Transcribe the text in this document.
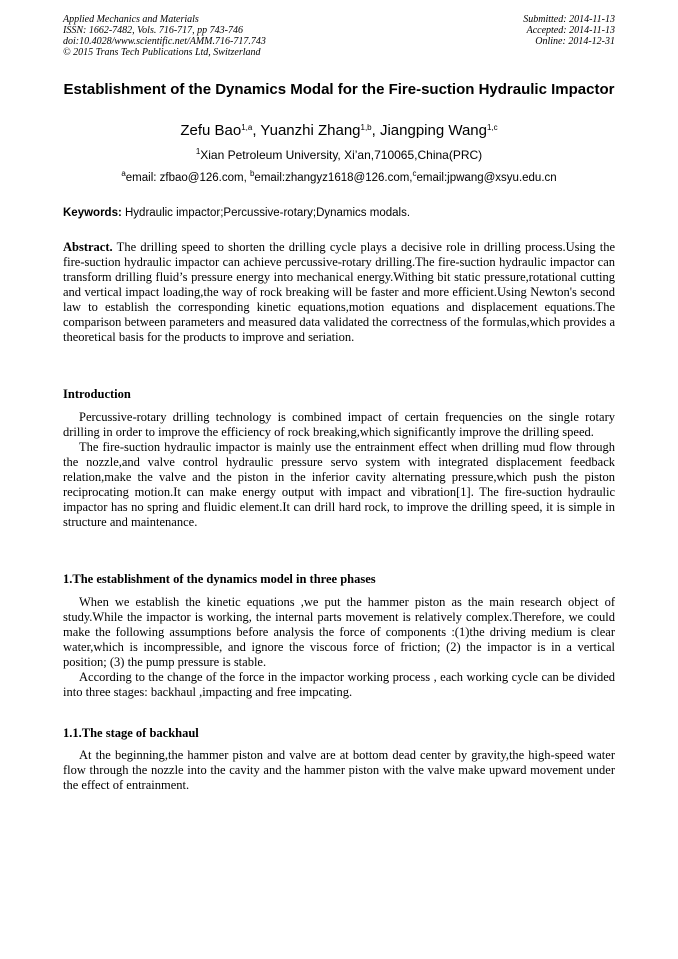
Applied Mechanics and Materials
ISSN: 1662-7482, Vols. 716-717, pp 743-746
doi:10.4028/www.scientific.net/AMM.716-717.743
© 2015 Trans Tech Publications Ltd, Switzerland
Submitted: 2014-11-13
Accepted: 2014-11-13
Online: 2014-12-31
Establishment of the Dynamics Modal for the Fire-suction Hydraulic Impactor
Zefu Bao$^{1,a}$, Yuanzhi Zhang$^{1,b}$, Jiangping Wang$^{1,c}$
$^1$Xian Petroleum University, Xi’an,710065,China(PRC)
$^a$email: zfbao@126.com, $^b$email:zhangyz1618@126.com,$^c$email:jpwang@xsyu.edu.cn
Keywords: Hydraulic impactor;Percussive-rotary;Dynamics modals.

Abstract. The drilling speed to shorten the drilling cycle plays a decisive role in drilling process.Using the fire-suction hydraulic impactor can achieve percussive-rotary drilling.The fire-suction hydraulic impactor can transform drilling fluid’s pressure energy into mechanical energy.Withing bit static pressure,rotational cutting and vertical impact loading,the way of rock breaking will be faster and more efficient.Using Newton's second law to establish the corresponding kinetic equations,motion equations and displacement equations.The comparison between parameters and measured data validated the correctness of the formulas,which provides a theoretical basis for the products to improve and seriation.

Introduction

Percussive-rotary drilling technology is combined impact of certain frequencies on the single rotary drilling in order to improve the efficiency of rock breaking,which significantly improve the drilling speed.

The fire-suction hydraulic impactor is mainly use the entrainment effect when drilling mud flow through the nozzle,and valve control hydraulic pressure servo system with integrated displacement feedback relation,make the valve and the piston in the inferior cavity alternating pressure,which push the piston reciprocating motion.It can make energy output with impact and vibration[1]. The fire-suction hydraulic impactor has no spring and fluidic element.It can drill hard rock, to improve the drilling speed, it is simple in structure and maintenance.

1.The establishment of the dynamics model in three phases

When we establish the kinetic equations ,we put the hammer piston as the main research object of study.While the impactor is working, the internal parts movement is relatively complex.Therefore, we could make the following assumptions before analysis the force of components :(1)the driving medium is clear water,which is incompressible, and ignore the viscous force of friction; (2) the impactor is in a vertical position; (3) the pump pressure is stable.

According to the change of the force in the impactor working process , each working cycle can be divided into three stages: backhaul ,impacting and free impcating.

1.1.The stage of backhaul

At the beginning,the hammer piston and valve are at bottom dead center by gravity,the high-speed water flow through the nozzle into the cavity and the hammer piston with the valve make upward movement under the effect of entrainment.
